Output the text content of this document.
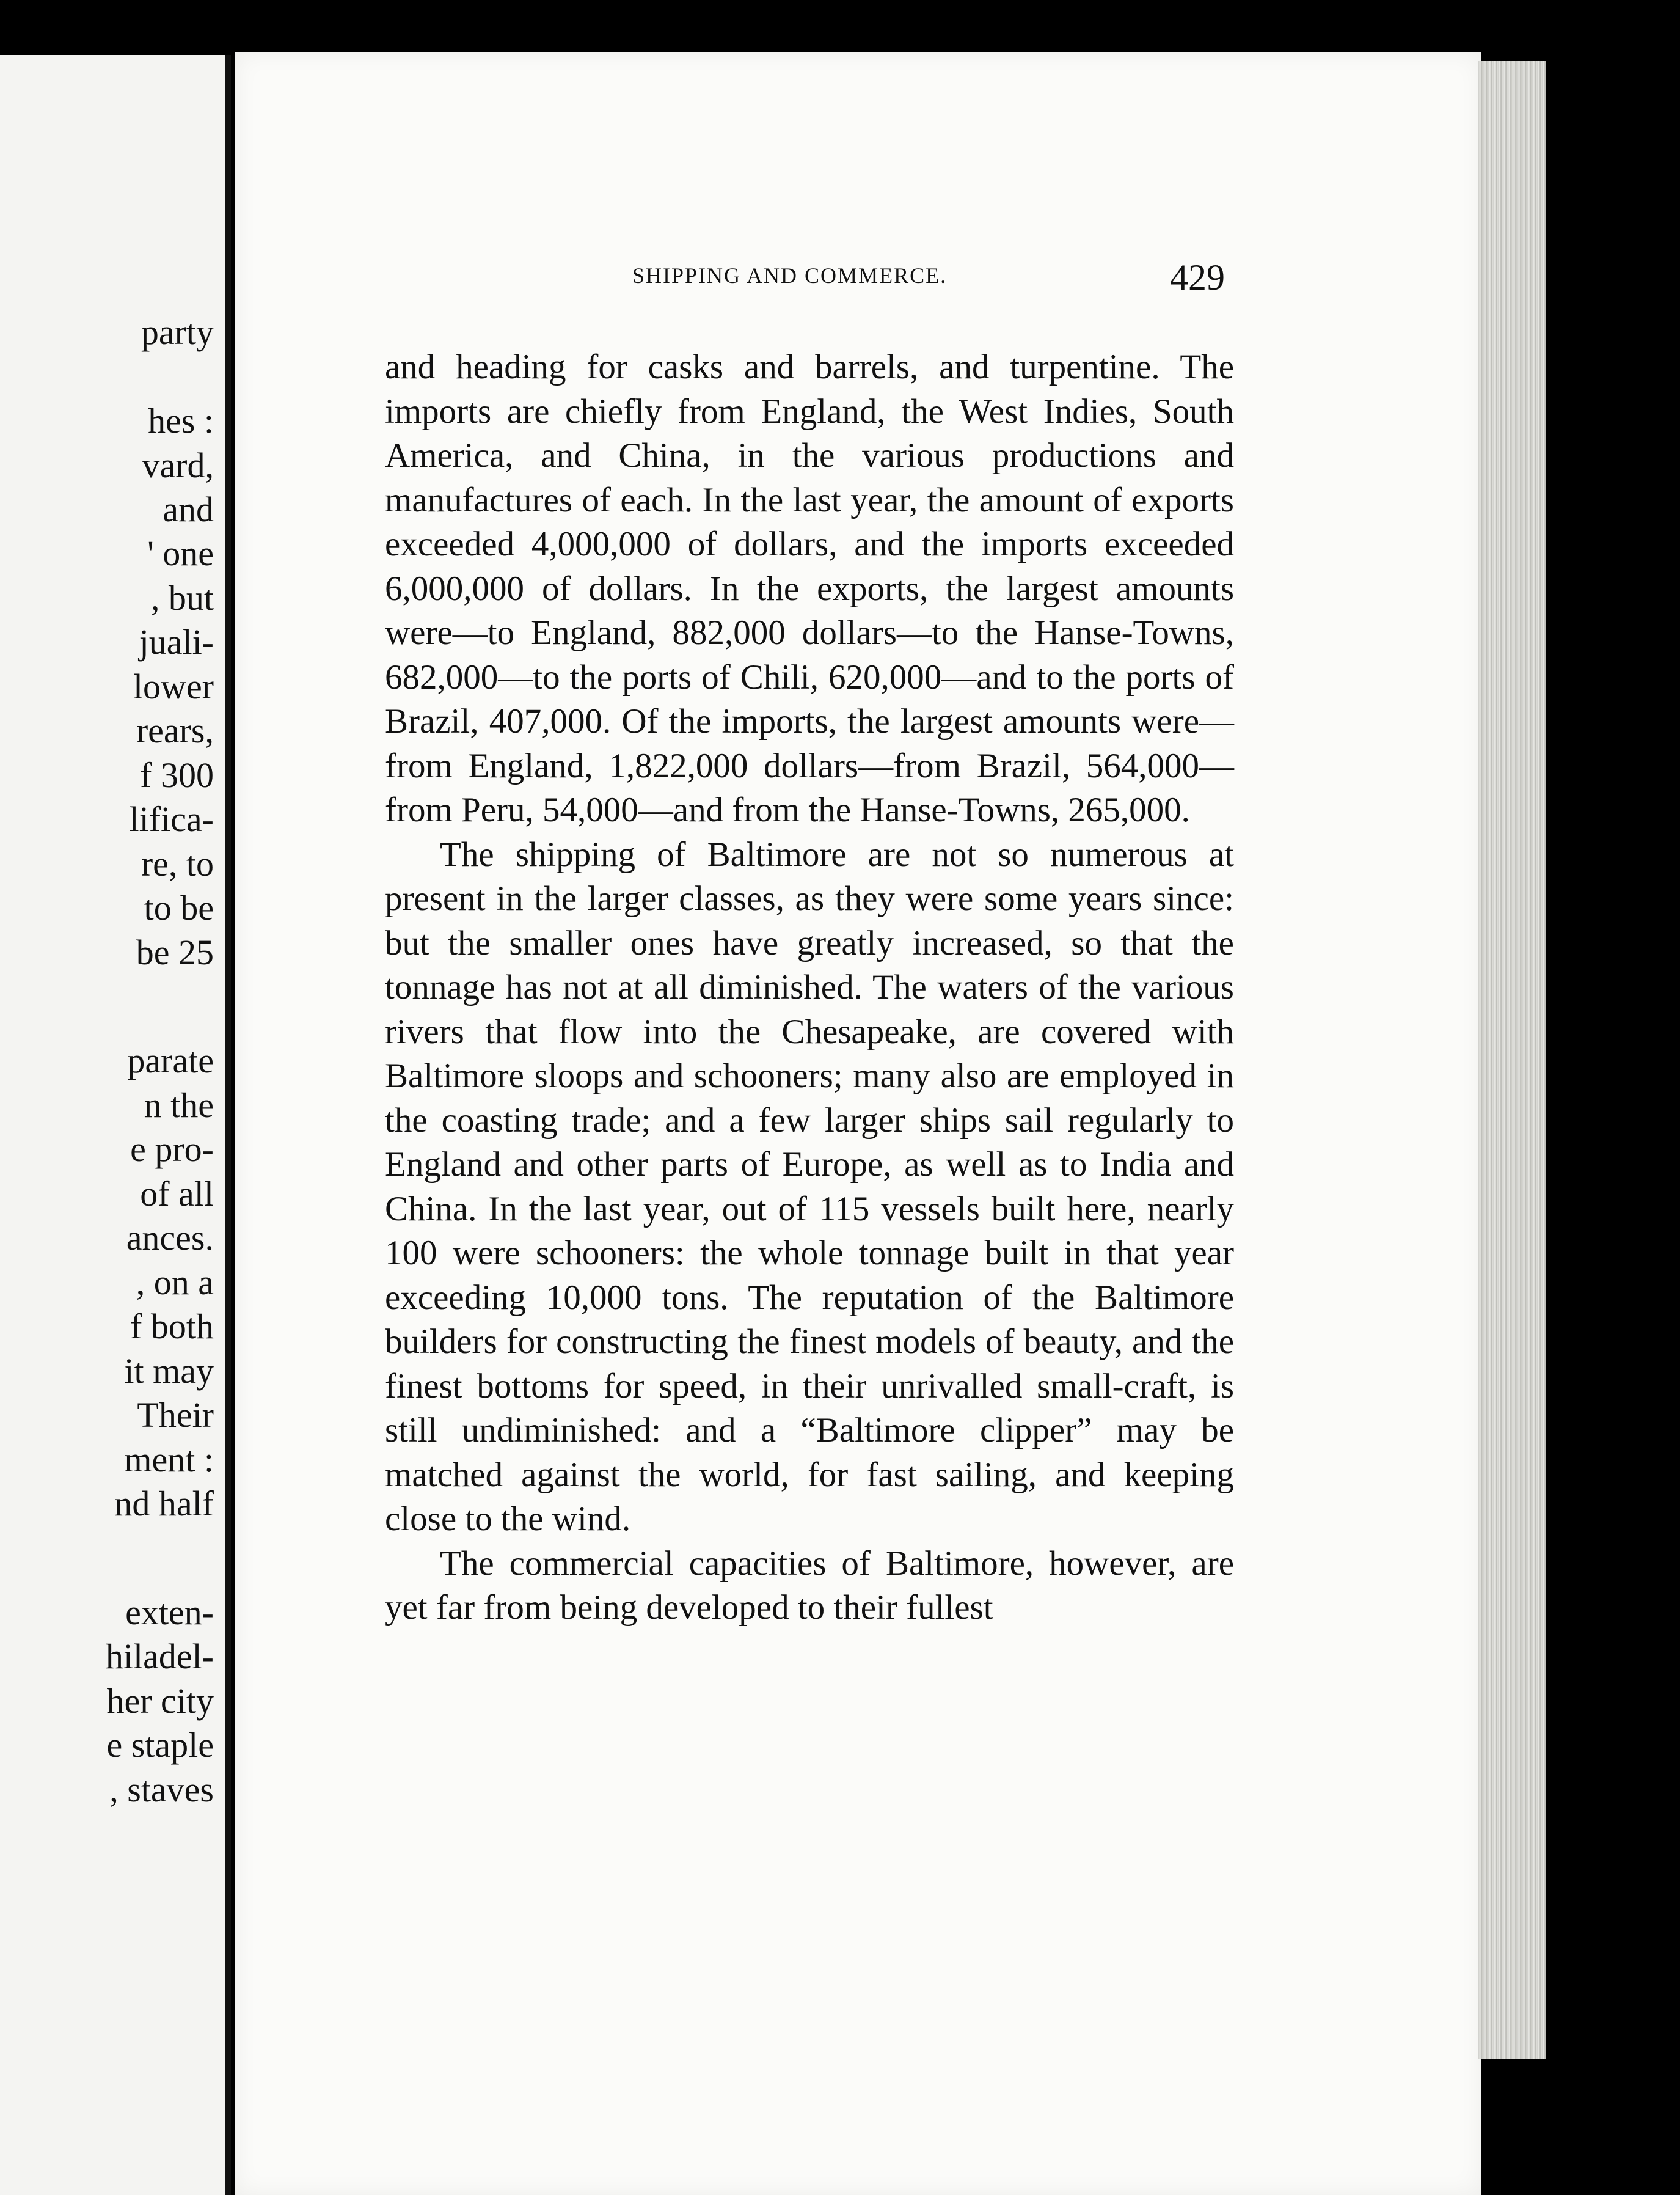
party
hes :
vard,
and
' one
, but
juali-
lower
rears,
f 300
lifica-
re, to
to be
be 25
parate
n the
e pro-
of all
ances.
, on a
f both
it may
Their
ment :
nd half
exten-
hiladel-
her city
e staple
, staves
SHIPPING AND COMMERCE.	429

and heading for casks and barrels, and turpentine. The imports are chiefly from England, the West Indies, South America, and China, in the various productions and manufactures of each. In the last year, the amount of exports exceeded 4,000,000 of dollars, and the imports exceeded 6,000,000 of dollars. In the exports, the largest amounts were—to England, 882,000 dollars—to the Hanse-Towns, 682,000—to the ports of Chili, 620,000—and to the ports of Brazil, 407,000. Of the imports, the largest amounts were—from England, 1,822,000 dollars—from Brazil, 564,000—from Peru, 54,000—and from the Hanse-Towns, 265,000.

The shipping of Baltimore are not so numerous at present in the larger classes, as they were some years since: but the smaller ones have greatly increased, so that the tonnage has not at all diminished. The waters of the various rivers that flow into the Chesapeake, are covered with Baltimore sloops and schooners; many also are employed in the coasting trade; and a few larger ships sail regularly to England and other parts of Europe, as well as to India and China. In the last year, out of 115 vessels built here, nearly 100 were schooners: the whole tonnage built in that year exceeding 10,000 tons. The reputation of the Baltimore builders for constructing the finest models of beauty, and the finest bottoms for speed, in their unrivalled small-craft, is still undiminished: and a “Baltimore clipper” may be matched against the world, for fast sailing, and keeping close to the wind.

The commercial capacities of Baltimore, however, are yet far from being developed to their fullest
